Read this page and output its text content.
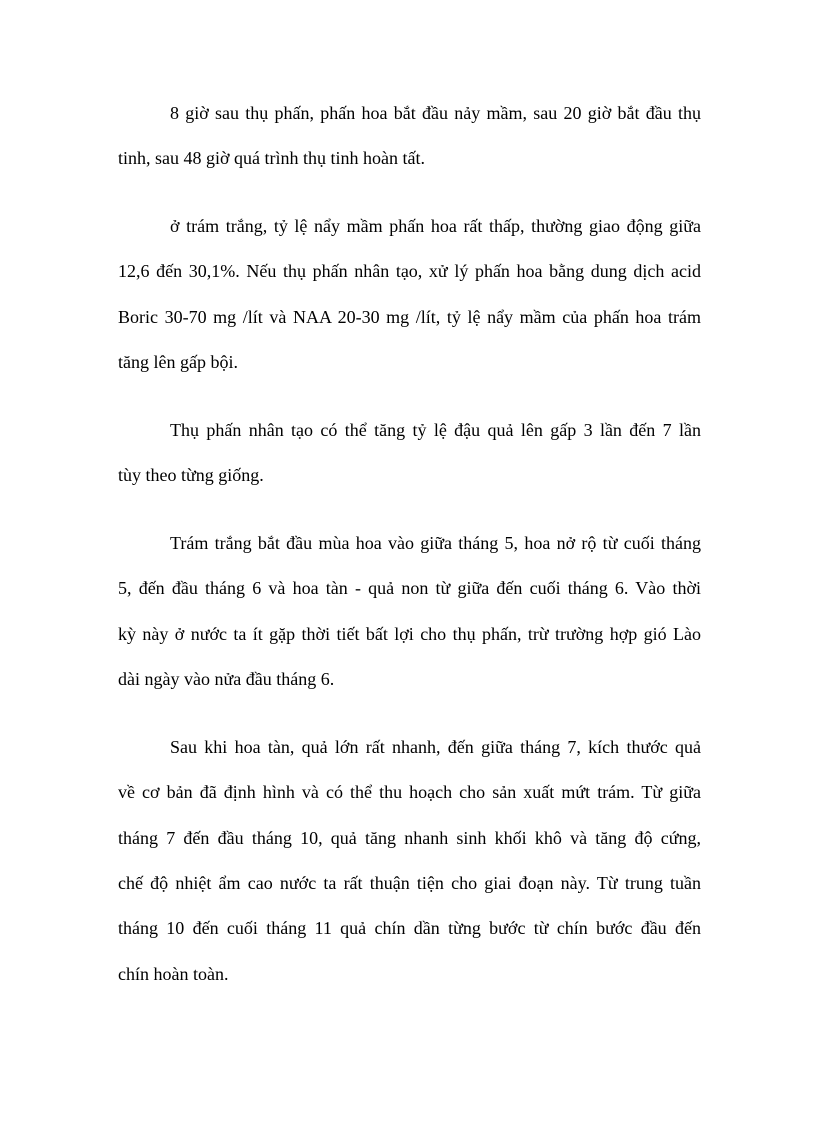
8 giờ sau thụ phấn, phấn hoa bắt đầu nảy mầm, sau 20 giờ bắt đầu thụ
tinh, sau 48 giờ quá trình thụ tinh hoàn tất.
ở trám trắng, tỷ lệ nẩy mầm phấn hoa rất thấp, thường giao động giữa
12,6 đến 30,1%. Nếu thụ phấn nhân tạo, xử lý phấn hoa bằng dung dịch acid
Boric 30-70 mg /lít và NAA 20-30 mg /lít, tỷ lệ nẩy mầm của phấn hoa trám
tăng lên gấp bội.
Thụ phấn nhân tạo có thể tăng tỷ lệ đậu quả lên gấp 3 lần đến 7 lần
tùy theo từng giống.
Trám trắng bắt đầu mùa hoa vào giữa tháng 5, hoa nở rộ từ cuối tháng
5, đến đầu tháng 6 và hoa tàn - quả non từ giữa đến cuối tháng 6. Vào thời
kỳ này ở nước ta ít gặp thời tiết bất lợi cho thụ phấn, trừ trường hợp gió Lào
dài ngày vào nửa đầu tháng 6.
Sau khi hoa tàn, quả lớn rất nhanh, đến giữa tháng 7, kích thước quả
về cơ bản đã định hình và có thể thu hoạch cho sản xuất mứt trám. Từ giữa
tháng 7 đến đầu tháng 10, quả tăng nhanh sinh khối khô và tăng độ cứng,
chế độ nhiệt ẩm cao nước ta rất thuận tiện cho giai đoạn này. Từ trung tuần
tháng 10 đến cuối tháng 11 quả chín dần từng bước từ chín bước đầu đến
chín hoàn toàn.
